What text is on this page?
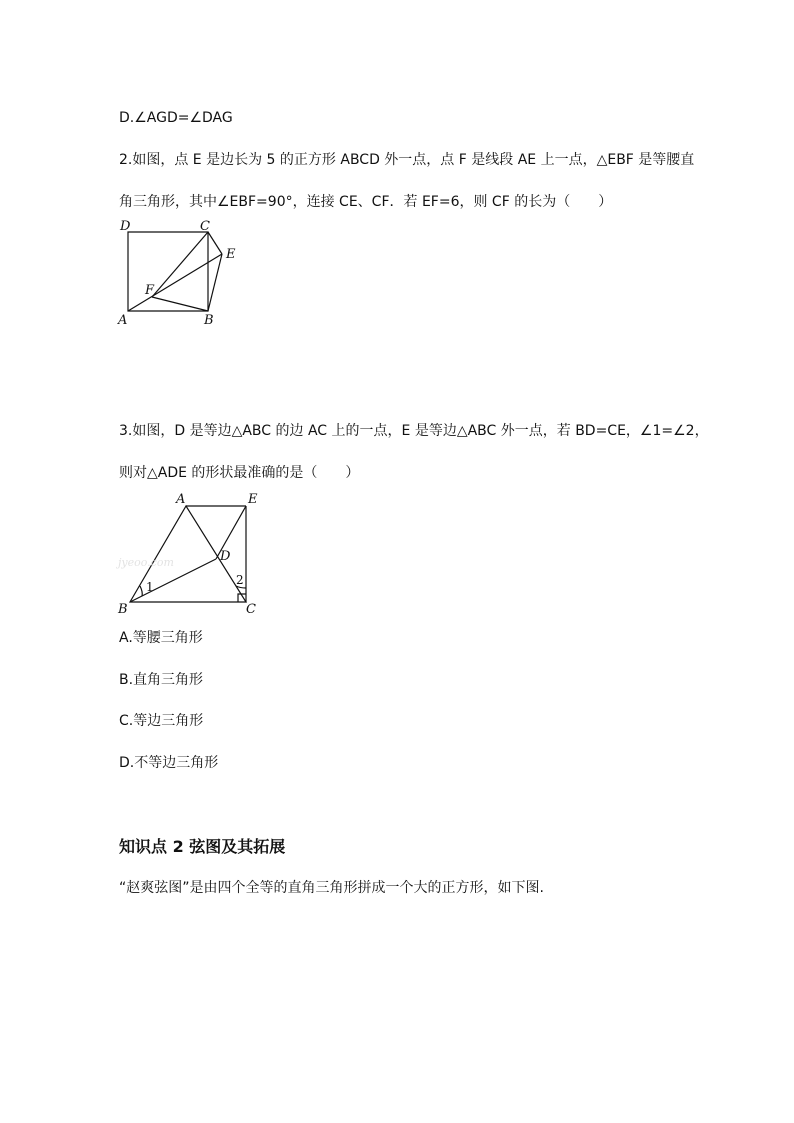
D.∠AGD=∠DAG
2.如图，点 E 是边长为 5 的正方形 ABCD 外一点，点 F 是线段 AE 上一点，△EBF 是等腰直
角三角形，其中∠EBF=90°，连接 CE、CF．若 EF=6，则 CF 的长为（　　）
D	C
E
F
A	B
3.如图，D 是等边△ABC 的边 AC 上的一点，E 是等边△ABC 外一点，若 BD=CE，∠1=∠2，
则对△ADE 的形状最准确的是（　　）
jyeoo.com
A	E
D
1	2
B	C
A.等腰三角形
B.直角三角形
C.等边三角形
D.不等边三角形
知识点 2 弦图及其拓展
“赵爽弦图”是由四个全等的直角三角形拼成一个大的正方形，如下图.
